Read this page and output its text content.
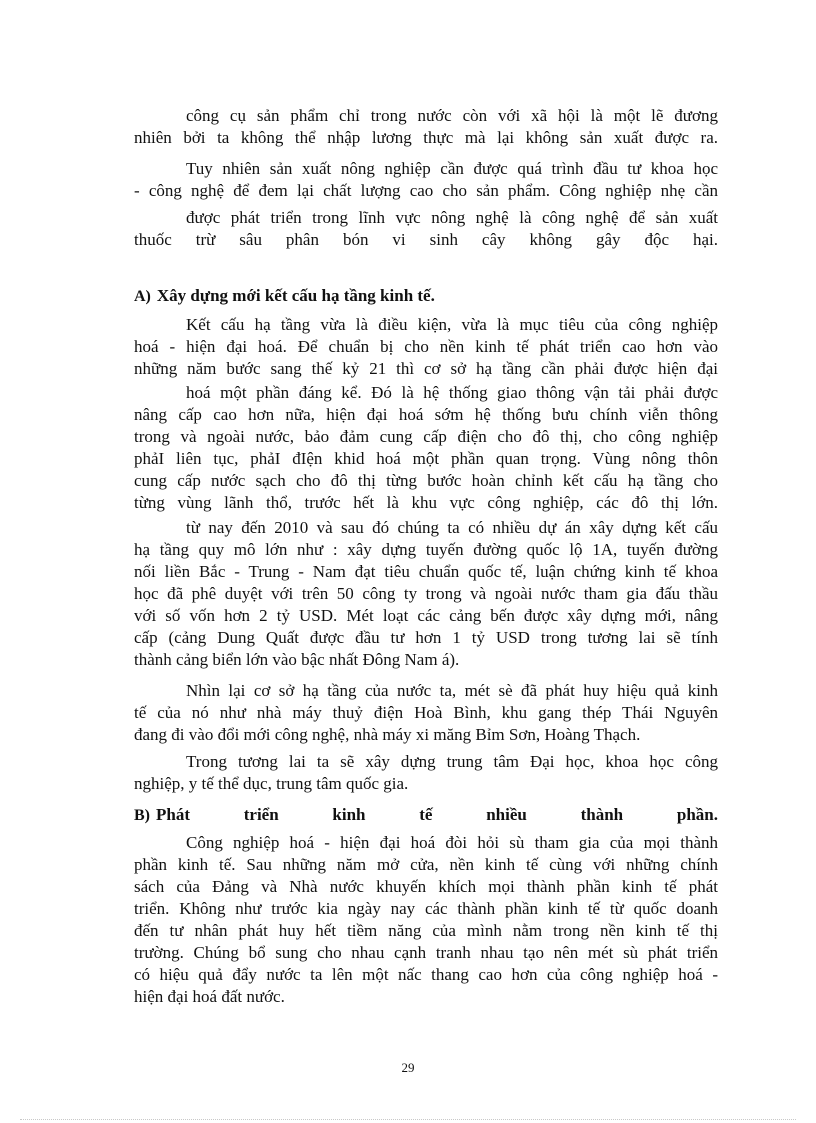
công cụ sản phẩm chỉ trong nước còn với xã hội là một lẽ đương
nhiên bởi ta không thể nhập lương thực mà lại không sản xuất được ra.
Tuy nhiên sản xuất nông nghiệp cần được quá trình đầu tư khoa học
- công nghệ để đem lại chất lượng cao cho sản phẩm. Công nghiệp nhẹ cần
được phát triển trong lĩnh vực nông nghệ là công nghệ để sản xuất
thuốc trừ sâu phân bón vi sinh cây không gây độc hại.
A) Xây dựng mới kết cấu hạ tầng kinh tế.
Kết cấu hạ tầng vừa là điều kiện, vừa là mục tiêu của công nghiệp
hoá - hiện đại hoá. Để chuẩn bị cho nền kinh tế phát triển cao hơn vào
những năm bước sang thế kỷ 21 thì cơ sở hạ tầng cần phải được hiện đại
hoá một phần đáng kể. Đó là hệ thống giao thông vận tải phải được
nâng cấp cao hơn nữa, hiện đại hoá sớm hệ thống bưu chính viễn thông
trong và ngoài nước, bảo đảm cung cấp điện cho đô thị, cho công nghiệp
phảI liên tục, phảI đIện khid hoá một phần quan trọng. Vùng nông thôn
cung cấp nước sạch cho đô thị từng bước hoàn chỉnh kết cấu hạ tầng cho
từng vùng lãnh thổ, trước hết là khu vực công nghiệp, các đô thị lớn.
từ nay đến 2010 và sau đó chúng ta có nhiều dự án xây dựng kết cấu
hạ tầng quy mô lớn như : xây dựng tuyến đường quốc lộ 1A, tuyến đường
nối liền Bắc - Trung - Nam đạt tiêu chuẩn quốc tế, luận chứng kinh tế khoa
học đã phê duyệt với trên 50 công ty trong và ngoài nước tham gia đấu thầu
với số vốn hơn 2 tỷ USD. Mét loạt các cảng bến được xây dựng mới, nâng
cấp (cảng Dung Quất được đầu tư hơn 1 tỷ USD trong tương lai sẽ tính
thành cảng biển lớn vào bậc nhất Đông Nam á).
Nhìn lại cơ sở hạ tầng của nước ta, mét sè đã phát huy hiệu quả kinh
tế của nó như nhà máy thuỷ điện Hoà Bình, khu gang thép Thái Nguyên
đang đi vào đổi mới công nghệ, nhà máy xi măng Bỉm Sơn, Hoàng Thạch.
Trong tương lai ta sẽ xây dựng trung tâm Đại học, khoa học công
nghiệp, y tế thể dục, trung tâm quốc gia.
B) Phát triển kinh tế nhiều thành phần.
Công nghiệp hoá - hiện đại hoá đòi hỏi sù tham gia của mọi thành
phần kinh tế. Sau những năm mở cửa, nền kinh tế cùng với những chính
sách của Đảng và Nhà nước khuyến khích mọi thành phần kinh tế phát
triển. Không như trước kia ngày nay các thành phần kinh tế từ quốc doanh
đến tư nhân phát huy hết tiềm năng của mình nằm trong nền kinh tế thị
trường. Chúng bổ sung cho nhau cạnh tranh nhau tạo nên mét sù phát triển
có hiệu quả đẩy nước ta lên một nấc thang cao hơn của công nghiệp hoá -
hiện đại hoá đất nước.
29
